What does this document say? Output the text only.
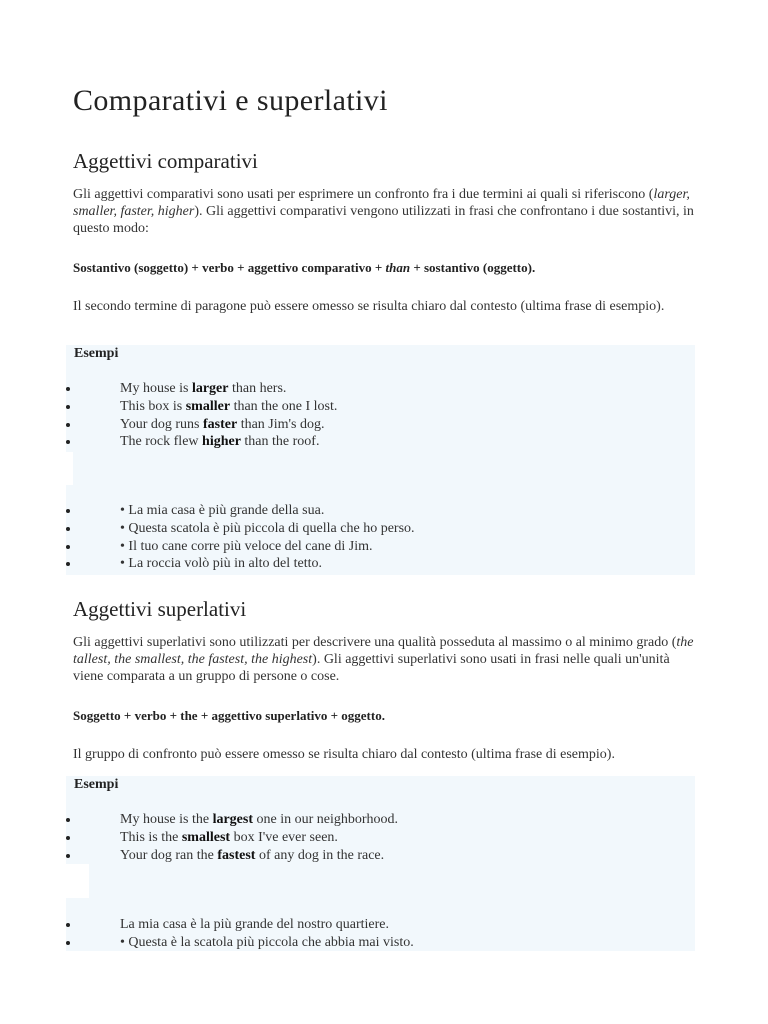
Comparativi e superlativi
Aggettivi comparativi

Gli aggettivi comparativi sono usati per esprimere un confronto fra i due termini ai quali si riferiscono (larger, smaller, faster, higher). Gli aggettivi comparativi vengono utilizzati in frasi che confrontano i due sostantivi, in questo modo:

Sostantivo (soggetto) + verbo + aggettivo comparativo + than + sostantivo (oggetto).

Il secondo termine di paragone può essere omesso se risulta chiaro dal contesto (ultima frase di esempio).

Esempi
My house is larger than hers.
This box is smaller than the one I lost.
Your dog runs faster than Jim's dog.
The rock flew higher than the roof.
• La mia casa è più grande della sua.
• Questa scatola è più piccola di quella che ho perso.
• Il tuo cane corre più veloce del cane di Jim.
• La roccia volò più in alto del tetto.
Aggettivi superlativi

Gli aggettivi superlativi sono utilizzati per descrivere una qualità posseduta al massimo o al minimo grado (the tallest, the smallest, the fastest, the highest). Gli aggettivi superlativi sono usati in frasi nelle quali un'unità viene comparata a un gruppo di persone o cose.

Soggetto + verbo + the + aggettivo superlativo + oggetto.

Il gruppo di confronto può essere omesso se risulta chiaro dal contesto (ultima frase di esempio).

Esempi
My house is the largest one in our neighborhood.
This is the smallest box I've ever seen.
Your dog ran the fastest of any dog in the race.
La mia casa è la più grande del nostro quartiere.
• Questa è la scatola più piccola che abbia mai visto.
